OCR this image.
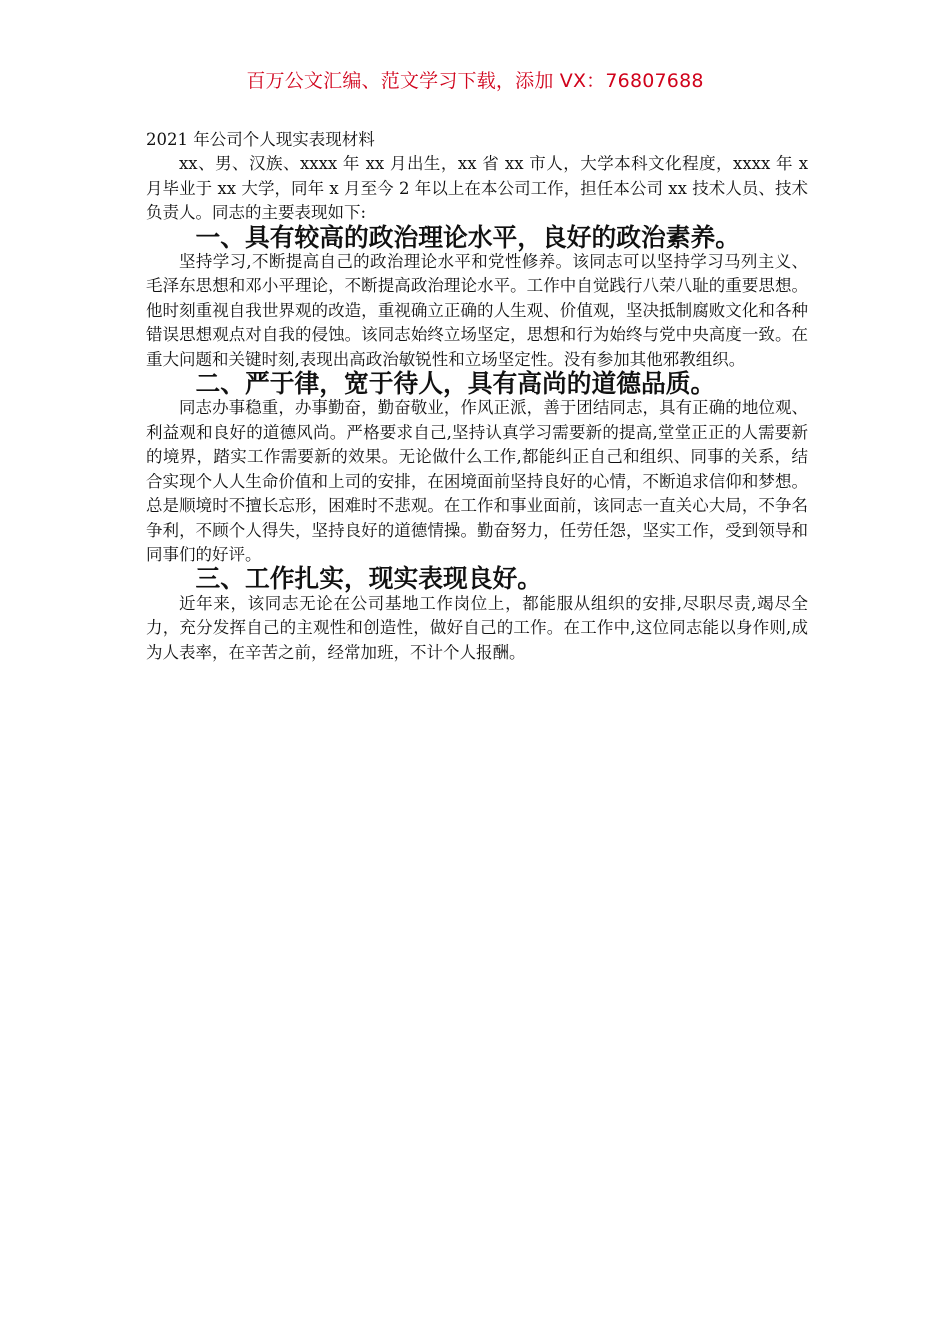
百万公文汇编、范文学习下载，添加 VX：76807688
2021 年公司个人现实表现材料

xx、男、汉族、xxxx 年 xx 月出生，xx 省 xx 市人，大学本科文化程度，xxxx 年 x 月毕业于 xx 大学，同年 x 月至今 2 年以上在本公司工作，担任本公司 xx 技术人员、技术负责人。同志的主要表现如下:

一、具有较高的政治理论水平，良好的政治素养。

坚持学习,不断提高自己的政治理论水平和党性修养。该同志可以坚持学习马列主义、毛泽东思想和邓小平理论，不断提高政治理论水平。工作中自觉践行八荣八耻的重要思想。他时刻重视自我世界观的改造，重视确立正确的人生观、价值观，坚决抵制腐败文化和各种错误思想观点对自我的侵蚀。该同志始终立场坚定，思想和行为始终与党中央高度一致。在重大问题和关键时刻,表现出高政治敏锐性和立场坚定性。没有参加其他邪教组织。

二、严于律，宽于待人，具有高尚的道德品质。

同志办事稳重，办事勤奋，勤奋敬业，作风正派，善于团结同志，具有正确的地位观、利益观和良好的道德风尚。严格要求自己,坚持认真学习需要新的提高,堂堂正正的人需要新的境界，踏实工作需要新的效果。无论做什么工作,都能纠正自己和组织、同事的关系，结合实现个人人生命价值和上司的安排，在困境面前坚持良好的心情，不断追求信仰和梦想。总是顺境时不擅长忘形，困难时不悲观。在工作和事业面前，该同志一直关心大局，不争名争利，不顾个人得失，坚持良好的道德情操。勤奋努力，任劳任怨，坚实工作，受到领导和同事们的好评。

三、工作扎实，现实表现良好。

近年来，该同志无论在公司基地工作岗位上，都能服从组织的安排,尽职尽责,竭尽全力，充分发挥自己的主观性和创造性，做好自己的工作。在工作中,这位同志能以身作则,成为人表率，在辛苦之前，经常加班，不计个人报酬。
